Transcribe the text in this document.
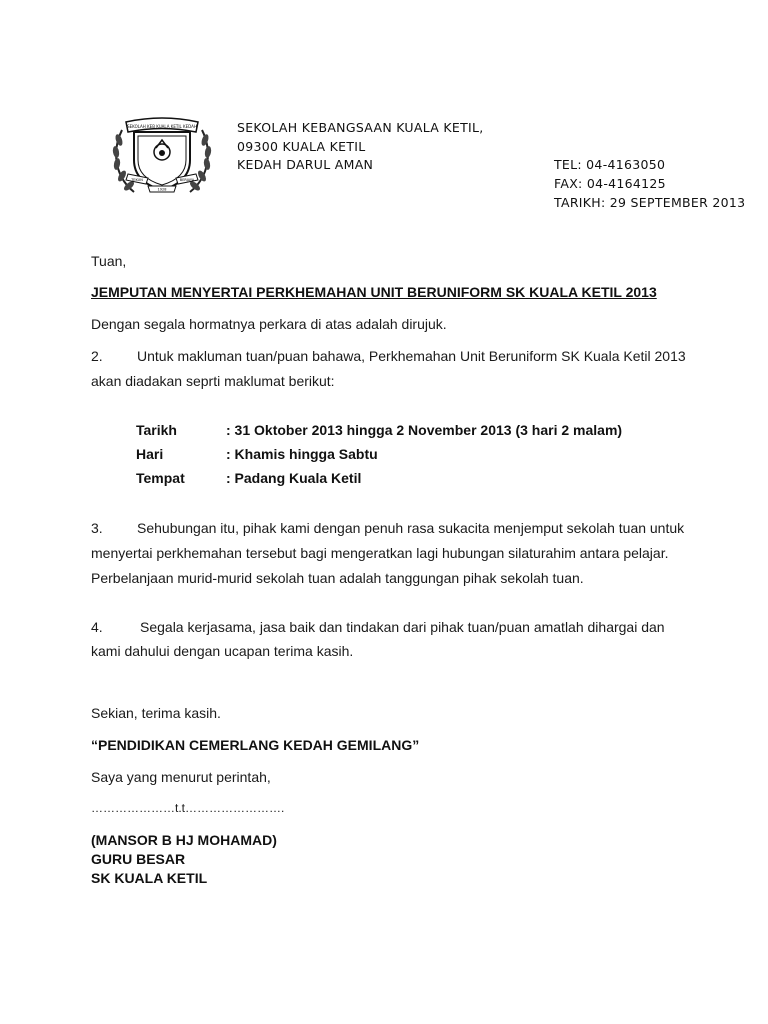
SEKOLAH KEB KUALA KETIL KEDAH
TEKUN	BERJAYA
1928
SEKOLAH KEBANGSAAN KUALA KETIL,
09300 KUALA KETIL
KEDAH DARUL AMAN	TEL: 04-4163050
FAX: 04-4164125
TARIKH: 29 SEPTEMBER 2013
Tuan,
JEMPUTAN MENYERTAI PERKHEMAHAN UNIT BERUNIFORM SK KUALA KETIL 2013
Dengan segala hormatnya perkara di atas adalah dirujuk.
2. Untuk makluman tuan/puan bahawa, Perkhemahan Unit Beruniform SK Kuala Ketil 2013
akan diadakan seprti maklumat berikut:
Tarikh	: 31 Oktober 2013 hingga 2 November 2013 (3 hari 2 malam)
Hari	: Khamis hingga Sabtu
Tempat	: Padang Kuala Ketil
3. Sehubungan itu, pihak kami dengan penuh rasa sukacita menjemput sekolah tuan untuk
menyertai perkhemahan tersebut bagi mengeratkan lagi hubungan silaturahim antara pelajar.
Perbelanjaan murid-murid sekolah tuan adalah tanggungan pihak sekolah tuan.
4.	Segala kerjasama, jasa baik dan tindakan dari pihak tuan/puan amatlah dihargai dan
kami dahului dengan ucapan terima kasih.
Sekian, terima kasih.
“PENDIDIKAN CEMERLANG KEDAH GEMILANG”
Saya yang menurut perintah,
…………………t.t…………………….
(MANSOR B HJ MOHAMAD)
GURU BESAR
SK KUALA KETIL
